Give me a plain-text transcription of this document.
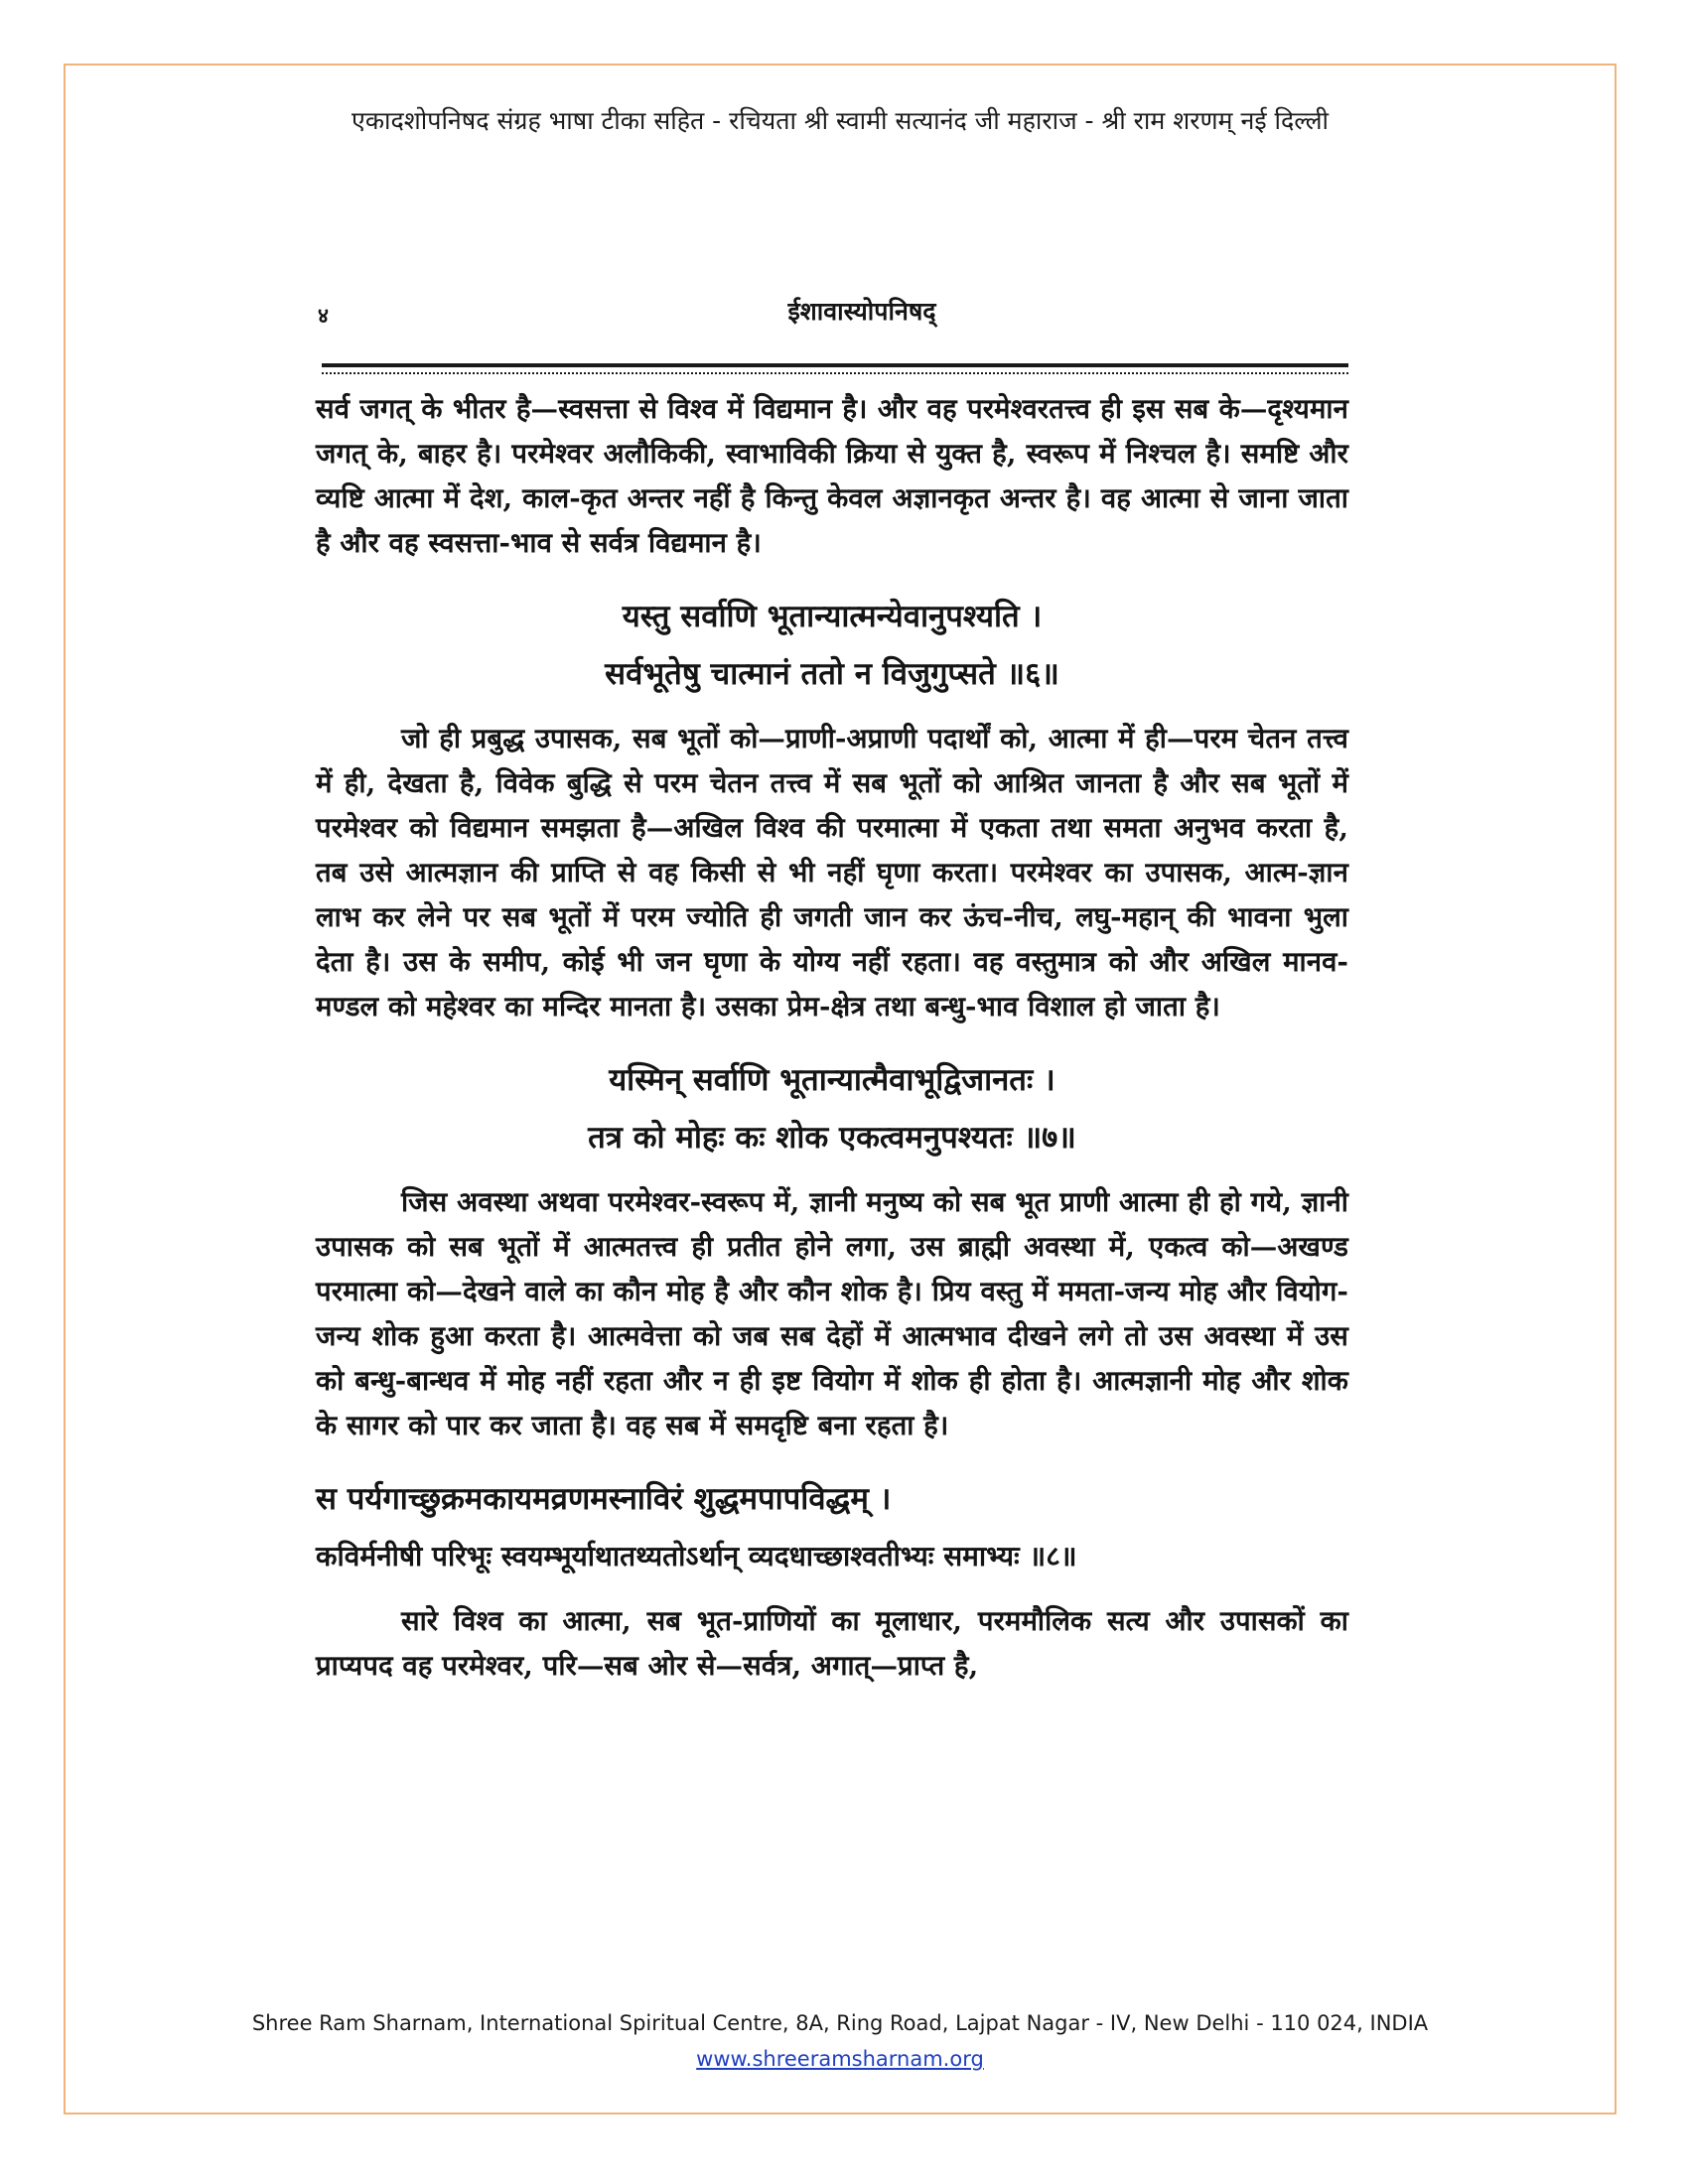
एकादशोपनिषद संग्रह भाषा टीका सहित - रचियता श्री स्वामी सत्यानंद जी महाराज - श्री राम शरणम् नई दिल्ली
४	ईशावास्योपनिषद्

सर्व जगत् के भीतर है—स्वसत्ता से विश्व में विद्यमान है। और वह परमेश्वरतत्त्व ही इस सब के—दृश्यमान जगत् के, बाहर है। परमेश्वर अलौकिकी, स्वाभाविकी क्रिया से युक्त है, स्वरूप में निश्चल है। समष्टि और व्यष्टि आत्मा में देश, काल-कृत अन्तर नहीं है किन्तु केवल अज्ञानकृत अन्तर है। वह आत्मा से जाना जाता है और वह स्वसत्ता-भाव से सर्वत्र विद्यमान है।

यस्तु सर्वाणि भूतान्यात्मन्येवानुपश्यति ।

सर्वभूतेषु चात्मानं ततो न विजुगुप्सते ॥६॥

जो ही प्रबुद्ध उपासक, सब भूतों को—प्राणी-अप्राणी पदार्थों को, आत्मा में ही—परम चेतन तत्त्व में ही, देखता है, विवेक बुद्धि से परम चेतन तत्त्व में सब भूतों को आश्रित जानता है और सब भूतों में परमेश्वर को विद्यमान समझता है—अखिल विश्व की परमात्मा में एकता तथा समता अनुभव करता है, तब उसे आत्मज्ञान की प्राप्ति से वह किसी से भी नहीं घृणा करता। परमेश्वर का उपासक, आत्म-ज्ञान लाभ कर लेने पर सब भूतों में परम ज्योति ही जगती जान कर ऊंच-नीच, लघु-महान् की भावना भुला देता है। उस के समीप, कोई भी जन घृणा के योग्य नहीं रहता। वह वस्तुमात्र को और अखिल मानव-मण्डल को महेश्वर का मन्दिर मानता है। उसका प्रेम-क्षेत्र तथा बन्धु-भाव विशाल हो जाता है।

यस्मिन् सर्वाणि भूतान्यात्मैवाभूद्विजानतः ।

तत्र को मोहः कः शोक एकत्वमनुपश्यतः ॥७॥

जिस अवस्था अथवा परमेश्वर-स्वरूप में, ज्ञानी मनुष्य को सब भूत प्राणी आत्मा ही हो गये, ज्ञानी उपासक को सब भूतों में आत्मतत्त्व ही प्रतीत होने लगा, उस ब्राह्मी अवस्था में, एकत्व को—अखण्ड परमात्मा को—देखने वाले का कौन मोह है और कौन शोक है। प्रिय वस्तु में ममता-जन्य मोह और वियोग-जन्य शोक हुआ करता है। आत्मवेत्ता को जब सब देहों में आत्मभाव दीखने लगे तो उस अवस्था में उस को बन्धु-बान्धव में मोह नहीं रहता और न ही इष्ट वियोग में शोक ही होता है। आत्मज्ञानी मोह और शोक के सागर को पार कर जाता है। वह सब में समदृष्टि बना रहता है।

स पर्यगाच्छुक्रमकायमव्रणमस्नाविरं शुद्धमपापविद्धम् ।

कविर्मनीषी परिभूः स्वयम्भूर्याथातथ्यतोऽर्थान् व्यदधाच्छाश्वतीभ्यः समाभ्यः ॥८॥

सारे विश्व का आत्मा, सब भूत-प्राणियों का मूलाधार, परममौलिक सत्य और उपासकों का प्राप्यपद वह परमेश्वर, परि—सब ओर से—सर्वत्र, अगात्—प्राप्त है,

Shree Ram Sharnam, International Spiritual Centre, 8A, Ring Road, Lajpat Nagar - IV, New Delhi - 110 024, INDIA
www.shreeramsharnam.org
